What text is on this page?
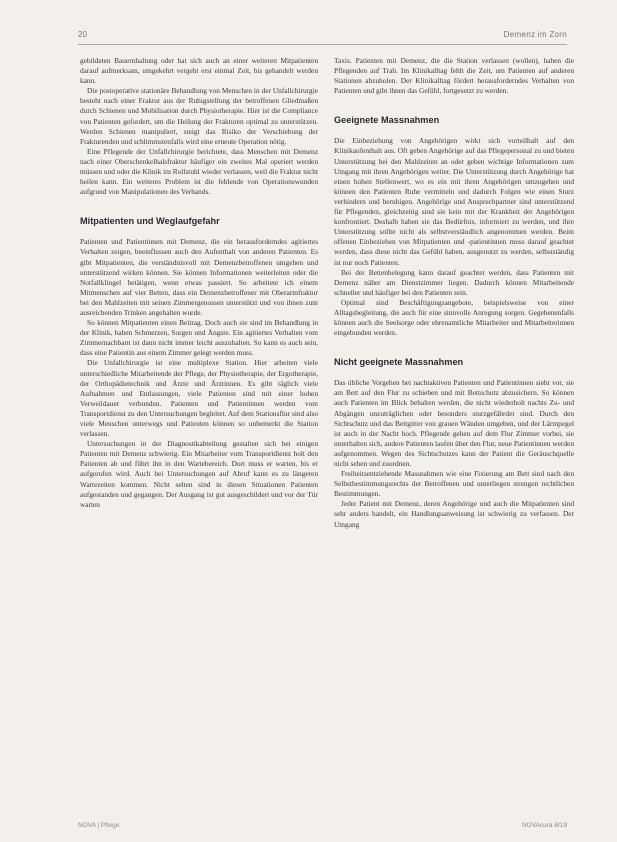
20	Demenz im Zorn

gebildeten Bauernhaltung oder hat sich auch an einer weiteren Mitpatienten darauf aufmerksam, umgekehrt vergeht erst einmal Zeit, bis gehandelt werden kann.

Die postoperative stationäre Behandlung von Menschen in der Unfallchirurgie besteht nach einer Fraktur aus der Ruhigstellung der betroffenen Gliedmaßen durch Schienen und Mobilisation durch Physiotherapie. Hier ist die Compliance von Patienten gefordert, um die Heilung der Frakturen optimal zu unterstützen. Werden Schienen manipuliert, steigt das Risiko der Verschiebung der Frakturenden und schlimmstenfalls wird eine erneute Operation nötig.

Eine Pflegende der Unfallchirurgie berichtete, dass Menschen mit Demenz nach einer Oberschenkelhalsfraktur häufiger ein zweites Mal operiert werden müssen und oder die Klinik im Rollstuhl wieder verlassen, weil die Fraktur nicht heilen kann. Ein weiteres Problem ist die fehlende von Operationswunden aufgrund von Manipulationen des Verbands.

Mitpatienten und Weglaufgefahr

Patienten und Patientinnen mit Demenz, die ein herausforderndes agitiertes Verhalten zeigen, beeinflussen auch den Aufenthalt von anderen Patienten. Es gibt Mitpatienten, die verständnisvoll mit Demenzbetroffenen umgehen und unterstützend wirken können. Sie können Informationen weiterleiten oder die Notfallklingel betätigen, wenn etwas passiert. So arbeitete ich einem Mitmenschen auf vier Betten, dass ein Demenzbetroffener mit Oberarmfraktur bei den Mahlzeiten mit seinen Zimmergenossen unterstützt und von ihnen zum ausreichenden Trinken angehalten wurde.

So können Mitpatienten einen Beitrag. Doch auch sie sind im Behandlung in der Klinik, haben Schmerzen, Sorgen und Ängste. Ein agitiertes Verhalten vom Zimmernachbarn ist dann nicht immer leicht auszuhalten. So kann es auch sein, dass eine Patientin aus einem Zimmer gelegt werden muss.

Die Unfallchirurgie ist eine multiplexe Station. Hier arbeiten viele unterschiedliche Mitarbeitende der Pflege, der Physiotherapie, der Ergotherapie, der Orthopädietechnik und Ärzte und Ärztinnen. Es gibt täglich viele Aufnahmen und Entlassungen, viele Patienten sind mit einer hohen Verweildauer verbunden. Patienten und Patientinnen werden vom Transportdienst zu den Untersuchungen begleitet. Auf dem Stationsflur sind also viele Menschen unterwegs und Patienten können so unbemerkt die Station verlassen.

Untersuchungen in der Diagnostikabteilung gestalten sich bei einigen Patienten mit Demenz schwierig. Ein Mitarbeiter vom Transportdienst holt den Patienten ab und führt ihn in den Wartebereich. Dort muss er warten, bis er aufgerufen wird. Auch bei Untersuchungen auf Abruf kann es zu längeren Wartezeiten kommen. Nicht selten sind in diesen Situationen Patienten aufgestanden und gegangen. Der Ausgang ist gut ausgeschildert und vor der Tür warten

Taxis. Patienten mit Demenz, die die Station verlassen (wollen), haben die Pflegenden auf Trab. Im Klinikalltag fehlt die Zeit, um Patienten auf anderen Stationen abzuholen. Der Klinikalltag fördert herausforderndes Verhalten von Patienten und gibt ihnen das Gefühl, fortgesetzt zu werden.

Geeignete Massnahmen

Die Einbeziehung von Angehörigen wirkt sich vorteilhaft auf den Klinikaufenthalt aus. Oft geben Angehörige auf das Pflegepersonal zu und bieten Unterstützung bei den Mahlzeiten an oder geben wichtige Informationen zum Umgang mit ihren Angehörigen weiter. Die Unterstützung durch Angehörige hat einen hohen Stellenwert, wo es ein mit ihren Angehörigen umzugehen und können den Patienten Ruhe vermitteln und dadurch Folgen wie einen Sturz verhindern und beruhigen. Angehörige und Ansprechpartner sind unterstützend für Pflegenden, gleichzeitig sind sie kein mit der Krankheit der Angehörigen konfrontiert. Deshalb haben sie das Bedürfnis, informiert zu werden, und ihre Unterstützung sollte nicht als selbstverständlich angenommen werden. Beim offenen Einbeziehen von Mitpatienten und -patientinnen muss darauf geachtet werden, dass diese nicht das Gefühl haben, ausgenutzt zu werden, selbstständig ist nur noch Patienten.

Bei der Bettenbelegung kann darauf geachtet werden, dass Patienten mit Demenz näher am Dienstzimmer liegen. Dadurch können Mitarbeitende schneller und häufiger bei den Patienten sein.

Optimal sind Beschäftigungsangebote, beispielsweise von einer Alltagsbegleitung, die auch für eine sinnvolle Anregung sorgen. Gegebenenfalls können auch die Seelsorge oder ehrenamtliche Mitarbeiter und Mitarbeiterinnen eingebunden werden.

Nicht geeignete Massnahmen

Das übliche Vorgehen bei nachtaktiven Patienten und Patientinnen sieht vor, sie am Bett auf den Flur zu schieben und mit Bettschutz abzusichern. So können auch Patienten im Blick behalten werden, die nicht wiederholt nachts Zu- und Abgängen unzuträglichen oder besonders sturzgefährdet sind. Durch den Sichtschutz und das Bettgitter von grauen Wänden umgeben, und der Lärmpegel ist auch in der Nacht hoch. Pflegende gehen auf dem Flur Zimmer vorbei, sie unterhalten sich, andere Patienten laufen über den Flur, neue Patientinnen werden aufgenommen. Wegen des Sichtschutzes kann der Patient die Geräuschquelle nicht sehen und zuordnen.

Freiheitsentziehende Massnahmen wie eine Fixierung am Bett sind nach den Selbstbestimmungsrechts der Betroffenen und unterliegen strengen rechtlichen Bestimmungen.

Jeder Patient mit Demenz, deren Angehörige und auch die Mitpatienten sind sehr anders handelt, ein Handlungsanweisung ist schwierig zu verfassen. Der Umgang

NOVA | Pflege	NOVAcura 8/19
